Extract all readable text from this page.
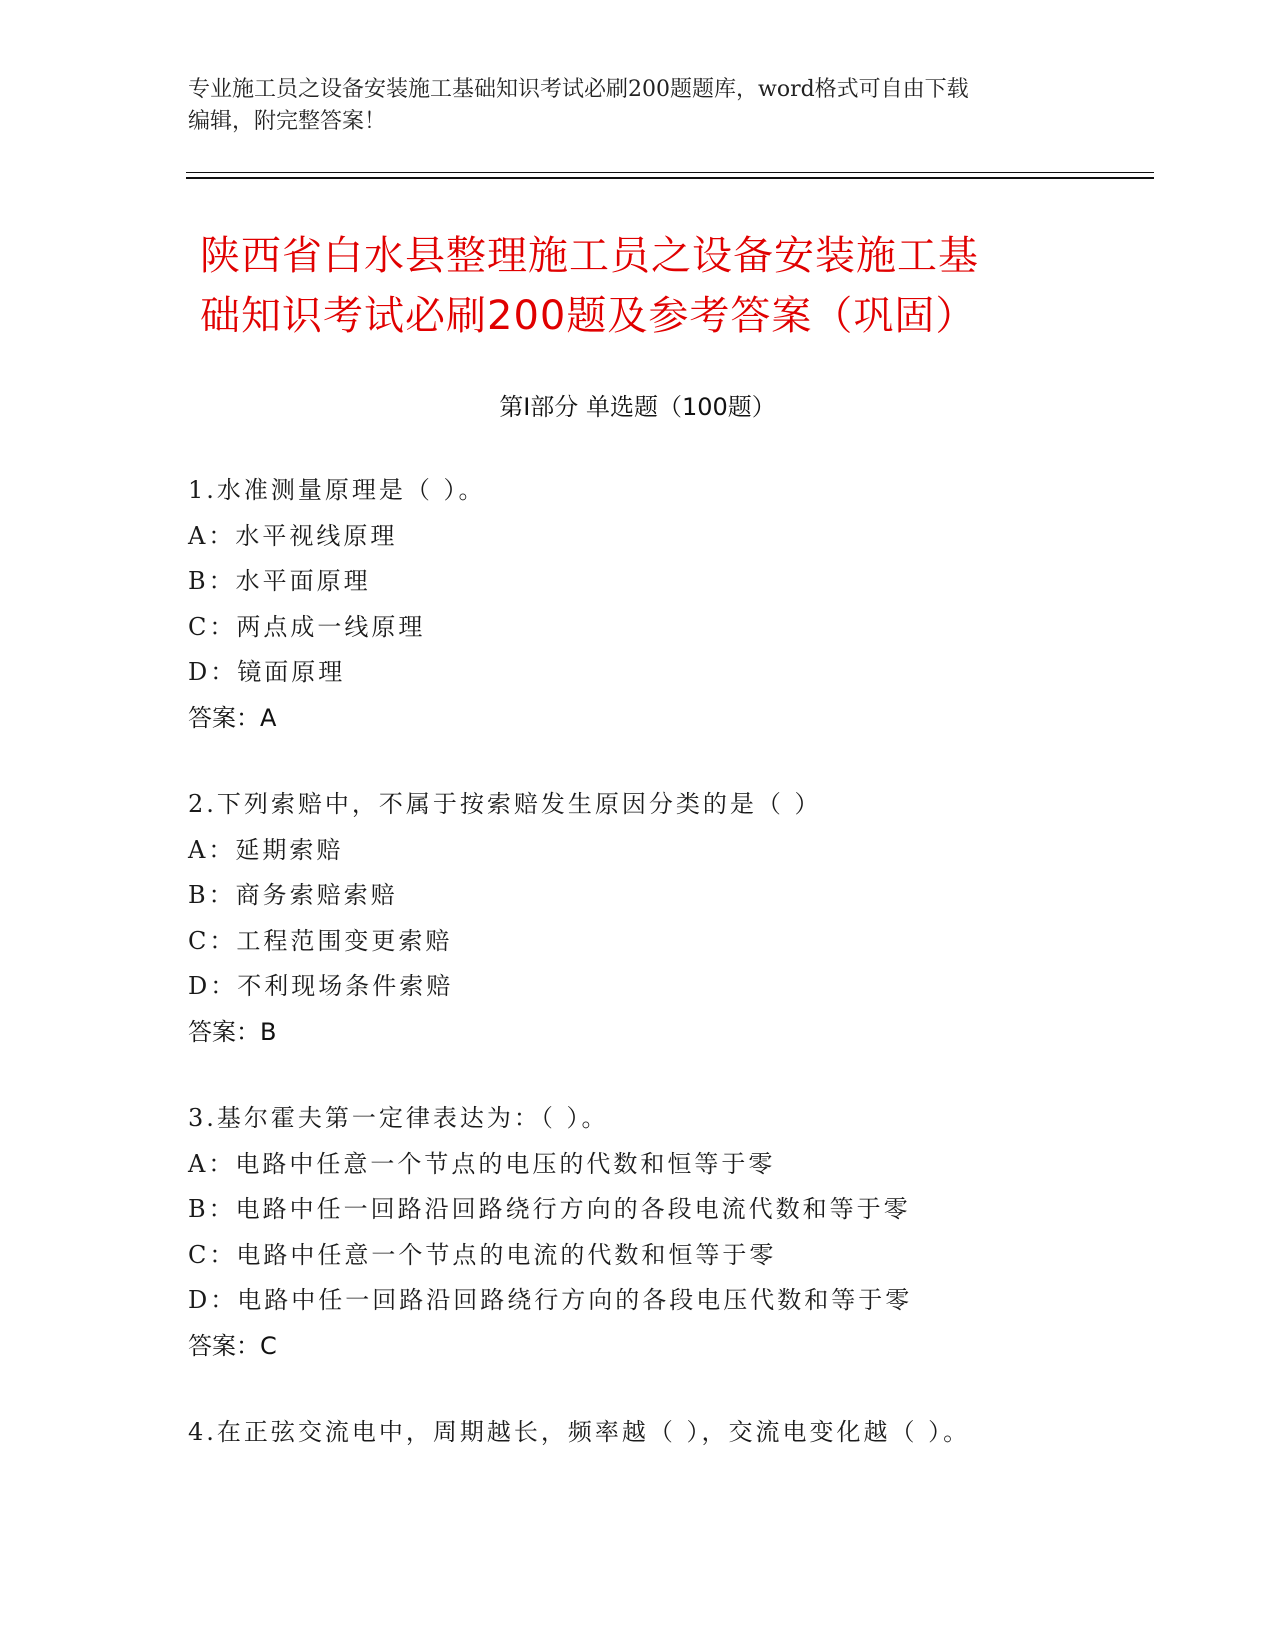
专业施工员之设备安装施工基础知识考试必刷200题题库，word格式可自由下载
编辑，附完整答案！
陕西省白水县整理施工员之设备安装施工基
础知识考试必刷200题及参考答案（巩固）
第Ⅰ部分 单选题（100题）
1.水准测量原理是（ ）。
A：水平视线原理
B：水平面原理
C：两点成一线原理
D：镜面原理
答案：A
2.下列索赔中，不属于按索赔发生原因分类的是（ ）
A：延期索赔
B：商务索赔索赔
C：工程范围变更索赔
D：不利现场条件索赔
答案：B
3.基尔霍夫第一定律表达为：（ ）。
A：电路中任意一个节点的电压的代数和恒等于零
B：电路中任一回路沿回路绕行方向的各段电流代数和等于零
C：电路中任意一个节点的电流的代数和恒等于零
D：电路中任一回路沿回路绕行方向的各段电压代数和等于零
答案：C
4.在正弦交流电中，周期越长，频率越（ ），交流电变化越（ ）。
